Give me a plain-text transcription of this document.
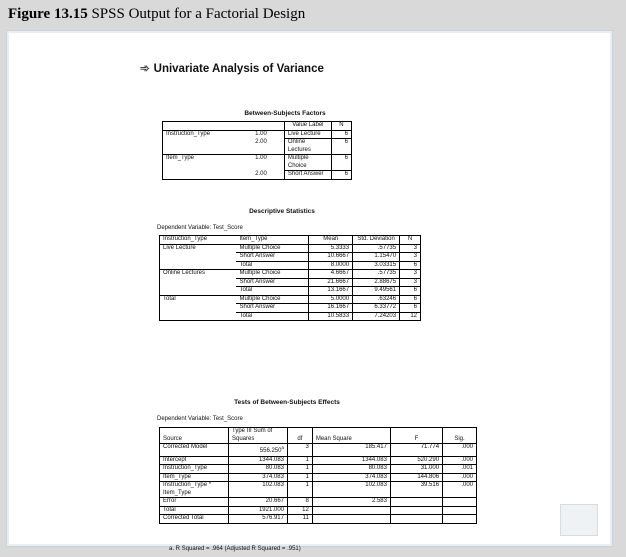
Figure 13.15 SPSS Output for a Factorial Design
➾ Univariate Analysis of Variance
Between-Subjects Factors
		Value Label	N
Instruction_Type	1.00	Live Lecture	6
	2.00	Online Lectures	6
Item_Type	1.00	Multiple Choice	6
	2.00	Short Answer	6
Descriptive Statistics
Dependent Variable: Test_Score
Instruction_Type	Item_Type	Mean	Std. Deviation	N
Live Lecture	Multiple Choice	5.3333	.57735	3
	Short Answer	10.6667	1.15470	3
	Total	8.0000	3.03315	6
Online Lectures	Multiple Choice	4.6667	.57735	3
	Short Answer	21.6667	2.88675	3
	Total	13.1667	9.49561	6
Total	Multiple Choice	5.0000	.63246	6
	Short Answer	16.1667	6.33772	6
	Total	10.5833	7.24203	12
Tests of Between-Subjects Effects
Dependent Variable: Test_Score
Source	Type III Sum of Squares	df	Mean Square	F	Sig.
Corrected Model	556.250$^a$	3	185.417	71.774	.000
Intercept	1344.083	1	1344.083	520.290	.000
Instruction_Type	80.083	1	80.083	31.000	.001
Item_Type	374.083	1	374.083	144.806	.000
Instruction_Type * Item_Type	102.083	1	102.083	39.516	.000
Error	20.667	8	2.583		
Total	1921.000	12			
Corrected Total	576.917	11			
a. R Squared = .964 (Adjusted R Squared = .951)
